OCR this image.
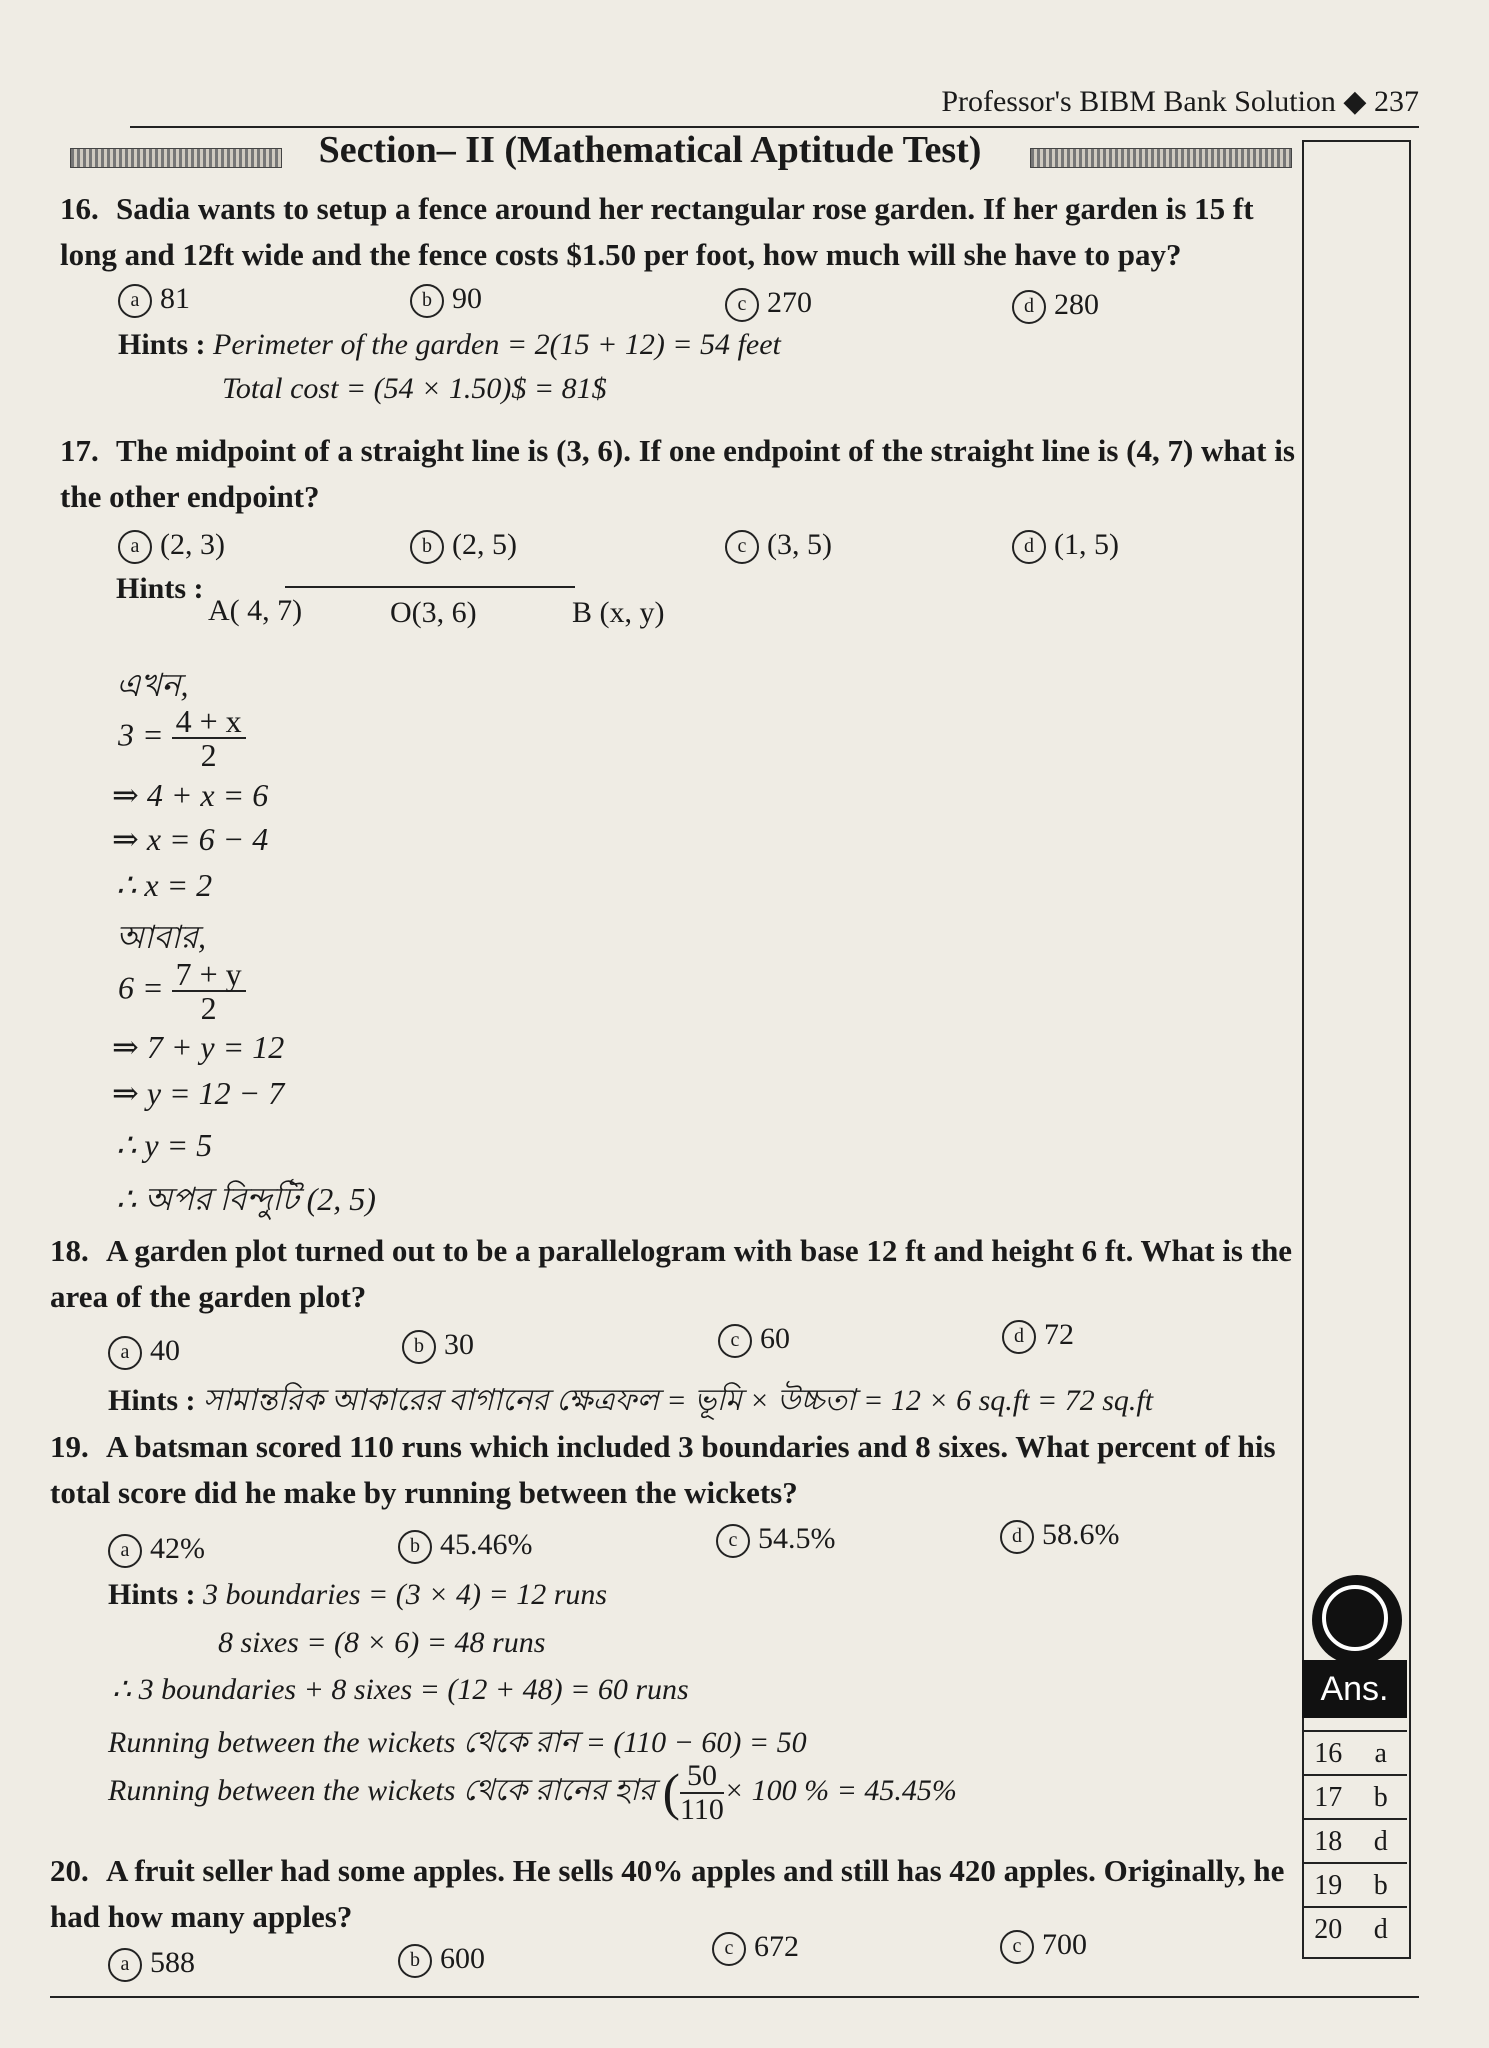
Professor's BIBM Bank Solution ◆ 237
Section– II (Mathematical Aptitude Test)
16. Sadia wants to setup a fence around her rectangular rose garden. If her garden is 15 ft long and 12ft wide and the fence costs $1.50 per foot, how much will she have to pay?
a 81	b 90	c 270	d 280
Hints : Perimeter of the garden = 2(15 + 12) = 54 feet
Total cost = (54 × 1.50)$ = 81$
17. The midpoint of a straight line is (3, 6). If one endpoint of the straight line is (4, 7) what is the other endpoint?
a (2, 3)	b (2, 5)	c (3, 5)	d (1, 5)
Hints :
A( 4, 7)	O(3, 6)	B (x, y)
এখন,
$3 = \frac{4 + x}{2}$
⇒ 4 + x = 6
⇒ x = 6 − 4
∴ x = 2
আবার,
$6 = \frac{7 + y}{2}$
⇒ 7 + y = 12
⇒ y = 12 − 7
∴ y = 5
∴ অপর বিন্দুটি (2, 5)
18. A garden plot turned out to be a parallelogram with base 12 ft and height 6 ft. What is the area of the garden plot?
a 40	b 30	c 60	d 72
Hints : সামান্তরিক আকারের বাগানের ক্ষেত্রফল = ভূমি × উচ্চতা = 12 × 6 sq.ft = 72 sq.ft
19. A batsman scored 110 runs which included 3 boundaries and 8 sixes. What percent of his total score did he make by running between the wickets?
a 42%	b 45.46%	c 54.5%	d 58.6%
Hints : 3 boundaries = (3 × 4) = 12 runs
8 sixes = (8 × 6) = 48 runs
∴ 3 boundaries + 8 sixes = (12 + 48) = 60 runs
Running between the wickets থেকে রান = (110 − 60) = 50
Running between the wickets থেকে রানের হার ( $\frac{50}{110} \times 100$ % = 45.45%
20. A fruit seller had some apples. He sells 40% apples and still has 420 apples. Originally, he had how many apples?
a 588	b 600	c 672	c 700
Ans.
16 a
17 b
18 d
19 b
20 d
